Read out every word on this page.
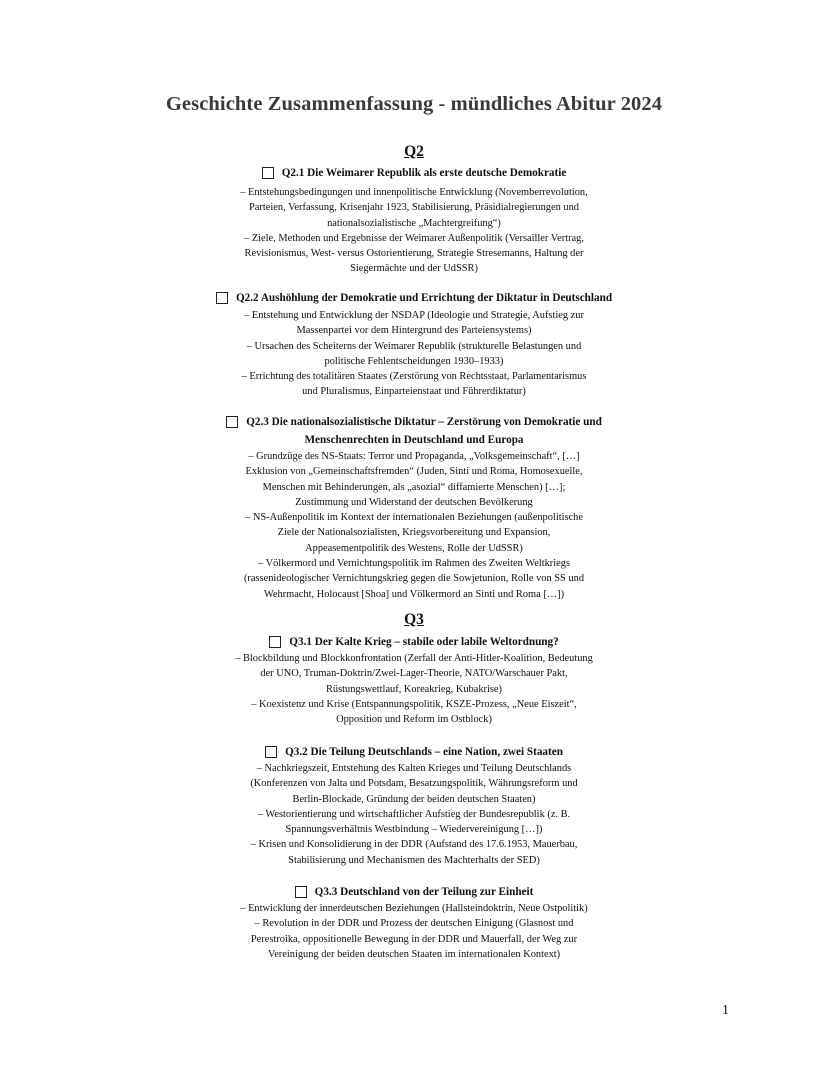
Geschichte Zusammenfassung - mündliches Abitur 2024
Q2
Q2.1 Die Weimarer Republik als erste deutsche Demokratie
– Entstehungsbedingungen und innenpolitische Entwicklung (Novemberrevolution,
Parteien, Verfassung, Krisenjahr 1923, Stabilisierung, Präsidialregierungen und
nationalsozialistische „Machtergreifung“)
– Ziele, Methoden und Ergebnisse der Weimarer Außenpolitik (Versailler Vertrag,
Revisionismus, West- versus Ostorientierung, Strategie Stresemanns, Haltung der
Siegermächte und der UdSSR)
Q2.2 Aushöhlung der Demokratie und Errichtung der Diktatur in Deutschland
– Entstehung und Entwicklung der NSDAP (Ideologie und Strategie, Aufstieg zur
Massenpartei vor dem Hintergrund des Parteiensystems)
– Ursachen des Scheiterns der Weimarer Republik (strukturelle Belastungen und
politische Fehlentscheidungen 1930–1933)
– Errichtung des totalitären Staates (Zerstörung von Rechtsstaat, Parlamentarismus
und Pluralismus, Einparteienstaat und Führerdiktatur)
Q2.3 Die nationalsozialistische Diktatur – Zerstörung von Demokratie und
Menschenrechten in Deutschland und Europa
– Grundzüge des NS-Staats: Terror und Propaganda, „Volksgemeinschaft“, […]
Exklusion von „Gemeinschaftsfremden“ (Juden, Sinti und Roma, Homosexuelle,
Menschen mit Behinderungen, als „asozial“ diffamierte Menschen) […];
Zustimmung und Widerstand der deutschen Bevölkerung
– NS-Außenpolitik im Kontext der internationalen Beziehungen (außenpolitische
Ziele der Nationalsozialisten, Kriegsvorbereitung und Expansion,
Appeasementpolitik des Westens, Rolle der UdSSR)
– Völkermord und Vernichtungspolitik im Rahmen des Zweiten Weltkriegs
(rassenideologischer Vernichtungskrieg gegen die Sowjetunion, Rolle von SS und
Wehrmacht, Holocaust [Shoa] und Völkermord an Sinti und Roma […])
Q3
Q3.1 Der Kalte Krieg – stabile oder labile Weltordnung?
– Blockbildung und Blockkonfrontation (Zerfall der Anti-Hitler-Koalition, Bedeutung
der UNO, Truman-Doktrin/Zwei-Lager-Theorie, NATO/Warschauer Pakt,
Rüstungswettlauf, Koreakrieg, Kubakrise)
– Koexistenz und Krise (Entspannungspolitik, KSZE-Prozess, „Neue Eiszeit“,
Opposition und Reform im Ostblock)
Q3.2 Die Teilung Deutschlands – eine Nation, zwei Staaten
– Nachkriegszeit, Entstehung des Kalten Krieges und Teilung Deutschlands
(Konferenzen von Jalta und Potsdam, Besatzungspolitik, Währungsreform und
Berlin-Blockade, Gründung der beiden deutschen Staaten)
– Westorientierung und wirtschaftlicher Aufstieg der Bundesrepublik (z. B.
Spannungsverhältnis Westbindung – Wiedervereinigung […])
– Krisen und Konsolidierung in der DDR (Aufstand des 17.6.1953, Mauerbau,
Stabilisierung und Mechanismen des Machterhalts der SED)
Q3.3 Deutschland von der Teilung zur Einheit
– Entwicklung der innerdeutschen Beziehungen (Hallsteindoktrin, Neue Ostpolitik)
– Revolution in der DDR und Prozess der deutschen Einigung (Glasnost und
Perestroika, oppositionelle Bewegung in der DDR und Mauerfall, der Weg zur
Vereinigung der beiden deutschen Staaten im internationalen Kontext)
1
